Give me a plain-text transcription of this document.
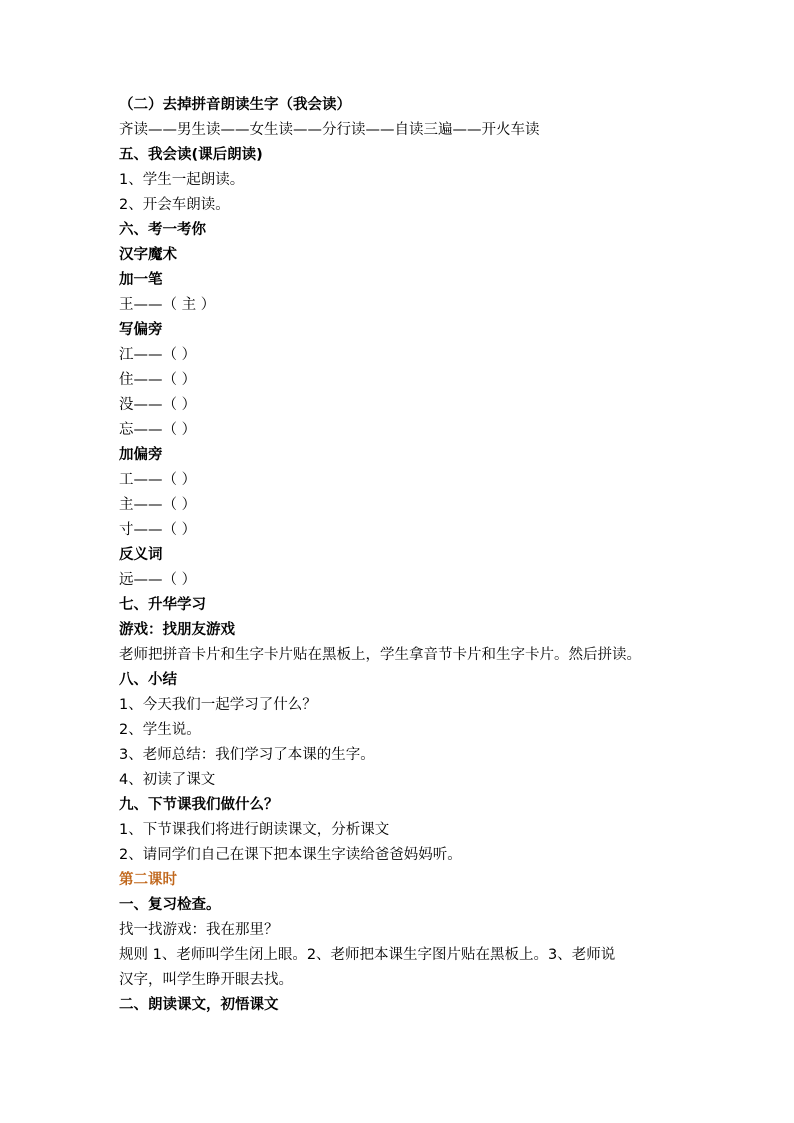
（二）去掉拼音朗读生字（我会读）
齐读——男生读——女生读——分行读——自读三遍——开火车读
五、我会读(课后朗读)
1、学生一起朗读。
2、开会车朗读。
六、考一考你
汉字魔术
加一笔
王——（ 主 ）
写偏旁
江——（ ）
住——（ ）
没——（ ）
忘——（ ）
加偏旁
工——（ ）
主——（ ）
寸——（ ）
反义词
远——（ ）
七、升华学习
游戏：找朋友游戏
老师把拼音卡片和生字卡片贴在黑板上，学生拿音节卡片和生字卡片。然后拼读。
八、小结
1、今天我们一起学习了什么？
2、学生说。
3、老师总结：我们学习了本课的生字。
4、初读了课文
九、下节课我们做什么？
1、下节课我们将进行朗读课文，分析课文
2、请同学们自己在课下把本课生字读给爸爸妈妈听。
第二课时
一、复习检查。
找一找游戏：我在那里？
规则 1、老师叫学生闭上眼。2、老师把本课生字图片贴在黑板上。3、老师说
汉字，叫学生睁开眼去找。
二、朗读课文，初悟课文
